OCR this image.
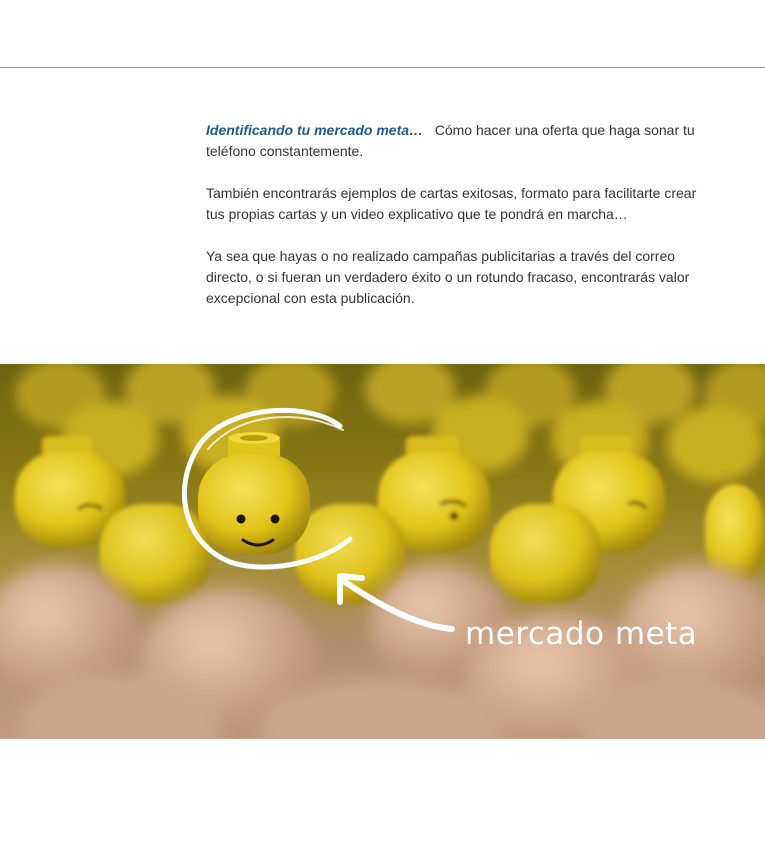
Identificando tu mercado meta… Cómo hacer una oferta que haga sonar tu teléfono constantemente.

También encontrarás ejemplos de cartas exitosas, formato para facilitarte crear tus propias cartas y un video explicativo que te pondrá en marcha…

Ya sea que hayas o no realizado campañas publicitarias a través del correo directo, o si fueran un verdadero éxito o un rotundo fracaso, encontrarás valor excepcional con esta publicación.

mercado meta
